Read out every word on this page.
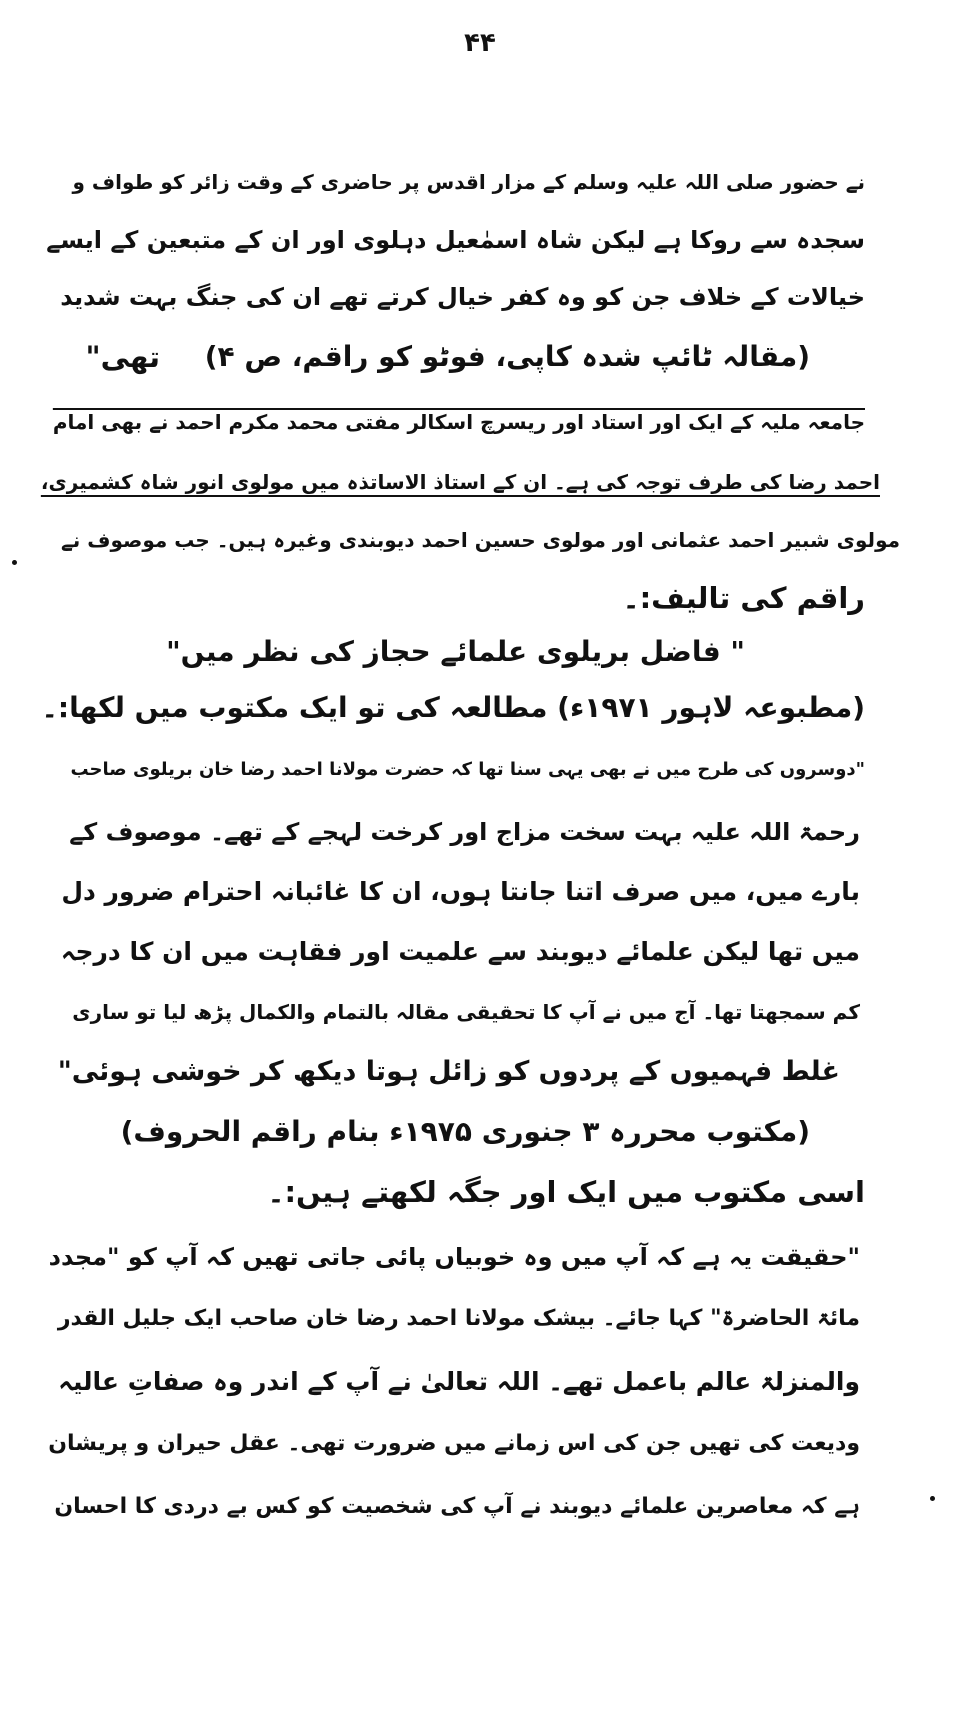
۴۴
نے حضور صلی اللہ علیہ وسلم کے مزار اقدس پر حاضری کے وقت زائر کو طواف و
سجدہ سے روکا ہے لیکن شاہ اسمٰعیل دہلوی اور ان کے متبعین کے ایسے
خیالات کے خلاف جن کو وہ کفر خیال کرتے تھے ان کی جنگ بہت شدید
تھی" (مقالہ ٹائپ شدہ کاپی، فوٹو کو راقم، ص ۴)
جامعہ ملیہ کے ایک اور استاد اور ریسرچ اسکالر مفتی محمد مکرم احمد نے بھی امام
احمد رضا کی طرف توجہ کی ہے۔ ان کے استاذ الاساتذہ میں مولوی انور شاہ کشمیری،
مولوی شبیر احمد عثمانی اور مولوی حسین احمد دیوبندی وغیرہ ہیں۔ جب موصوف نے
راقم کی تالیف:۔
" فاضل بریلوی علمائے حجاز کی نظر میں"
(مطبوعہ لاہور ۱۹۷۱ء) مطالعہ کی تو ایک مکتوب میں لکھا:۔
"دوسروں کی طرح میں نے بھی یہی سنا تھا کہ حضرت مولانا احمد رضا خان بریلوی صاحب
رحمۃ اللہ علیہ بہت سخت مزاج اور کرخت لہجے کے تھے۔ موصوف کے
بارے میں، میں صرف اتنا جانتا ہوں، ان کا غائبانہ احترام ضرور دل
میں تھا لیکن علمائے دیوبند سے علمیت اور فقاہت میں ان کا درجہ
کم سمجھتا تھا۔ آج میں نے آپ کا تحقیقی مقالہ بالتمام والکمال پڑھ لیا تو ساری
غلط فہمیوں کے پردوں کو زائل ہوتا دیکھ کر خوشی ہوئی"
(مکتوب محررہ ۳ جنوری ۱۹۷۵ء بنام راقم الحروف)
اسی مکتوب میں ایک اور جگہ لکھتے ہیں:۔
"حقیقت یہ ہے کہ آپ میں وہ خوبیاں پائی جاتی تھیں کہ آپ کو "مجدد
مائۃ الحاضرۃ" کہا جائے۔ بیشک مولانا احمد رضا خان صاحب ایک جلیل القدر
والمنزلۃ عالم باعمل تھے۔ اللہ تعالیٰ نے آپ کے اندر وہ صفاتِ عالیہ
ودیعت کی تھیں جن کی اس زمانے میں ضرورت تھی۔ عقل حیران و پریشان
ہے کہ معاصرین علمائے دیوبند نے آپ کی شخصیت کو کس بے دردی کا احسان
